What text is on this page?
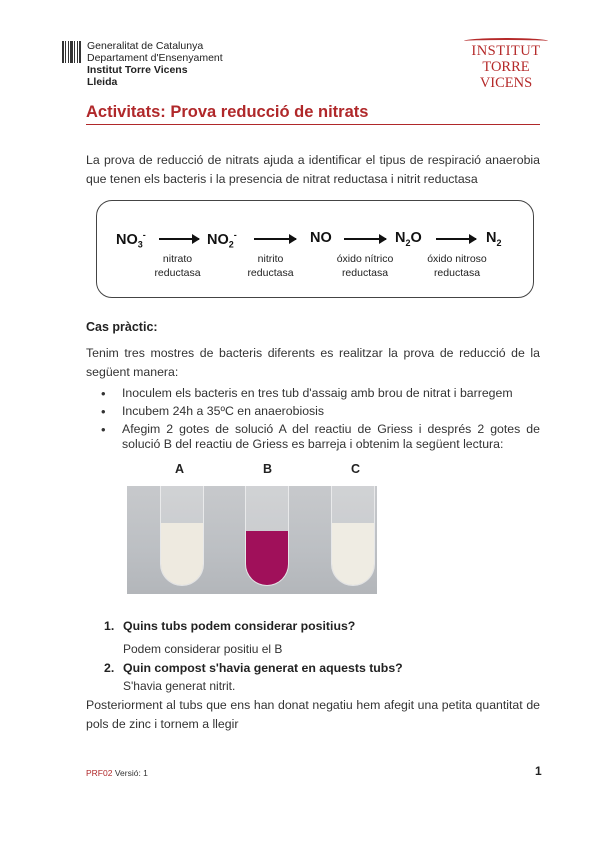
Generalitat de Catalunya
Departament d'Ensenyament
Institut Torre Vicens
Lleida
INSTITUT
TORRE VICENS
Activitats: Prova reducció de nitrats
La prova de reducció de nitrats ajuda a identificar el tipus de respiració anaerobia que tenen els bacteris i la presencia de nitrat reductasa i nitrit reductasa
$NO_3^-$	$NO_2^-$	NO	$N_2O$	$N_2$
nitrato
reductasa
nitrito
reductasa
óxido nítrico
reductasa
óxido nitroso
reductasa
Cas pràctic:
Tenim tres mostres de bacteris diferents es realitzar la prova de reducció de la següent manera:
• Inoculem els bacteris en tres tub d'assaig amb brou de nitrat i barregem
• Incubem 24h a 35ºC en anaerobiosis
• Afegim 2 gotes de solució A del reactiu de Griess i després 2 gotes de solució B del reactiu de Griess es barreja i obtenim la següent lectura:
A	B	C
1. Quins tubs podem considerar positius?
Podem considerar positiu el B
2. Quin compost s'havia generat en aquests tubs?
S'havia generat nitrit.
Posteriorment al tubs que ens han donat negatiu hem afegit una petita quantitat de pols de zinc i tornem a llegir
PRF02 Versió: 1	1
